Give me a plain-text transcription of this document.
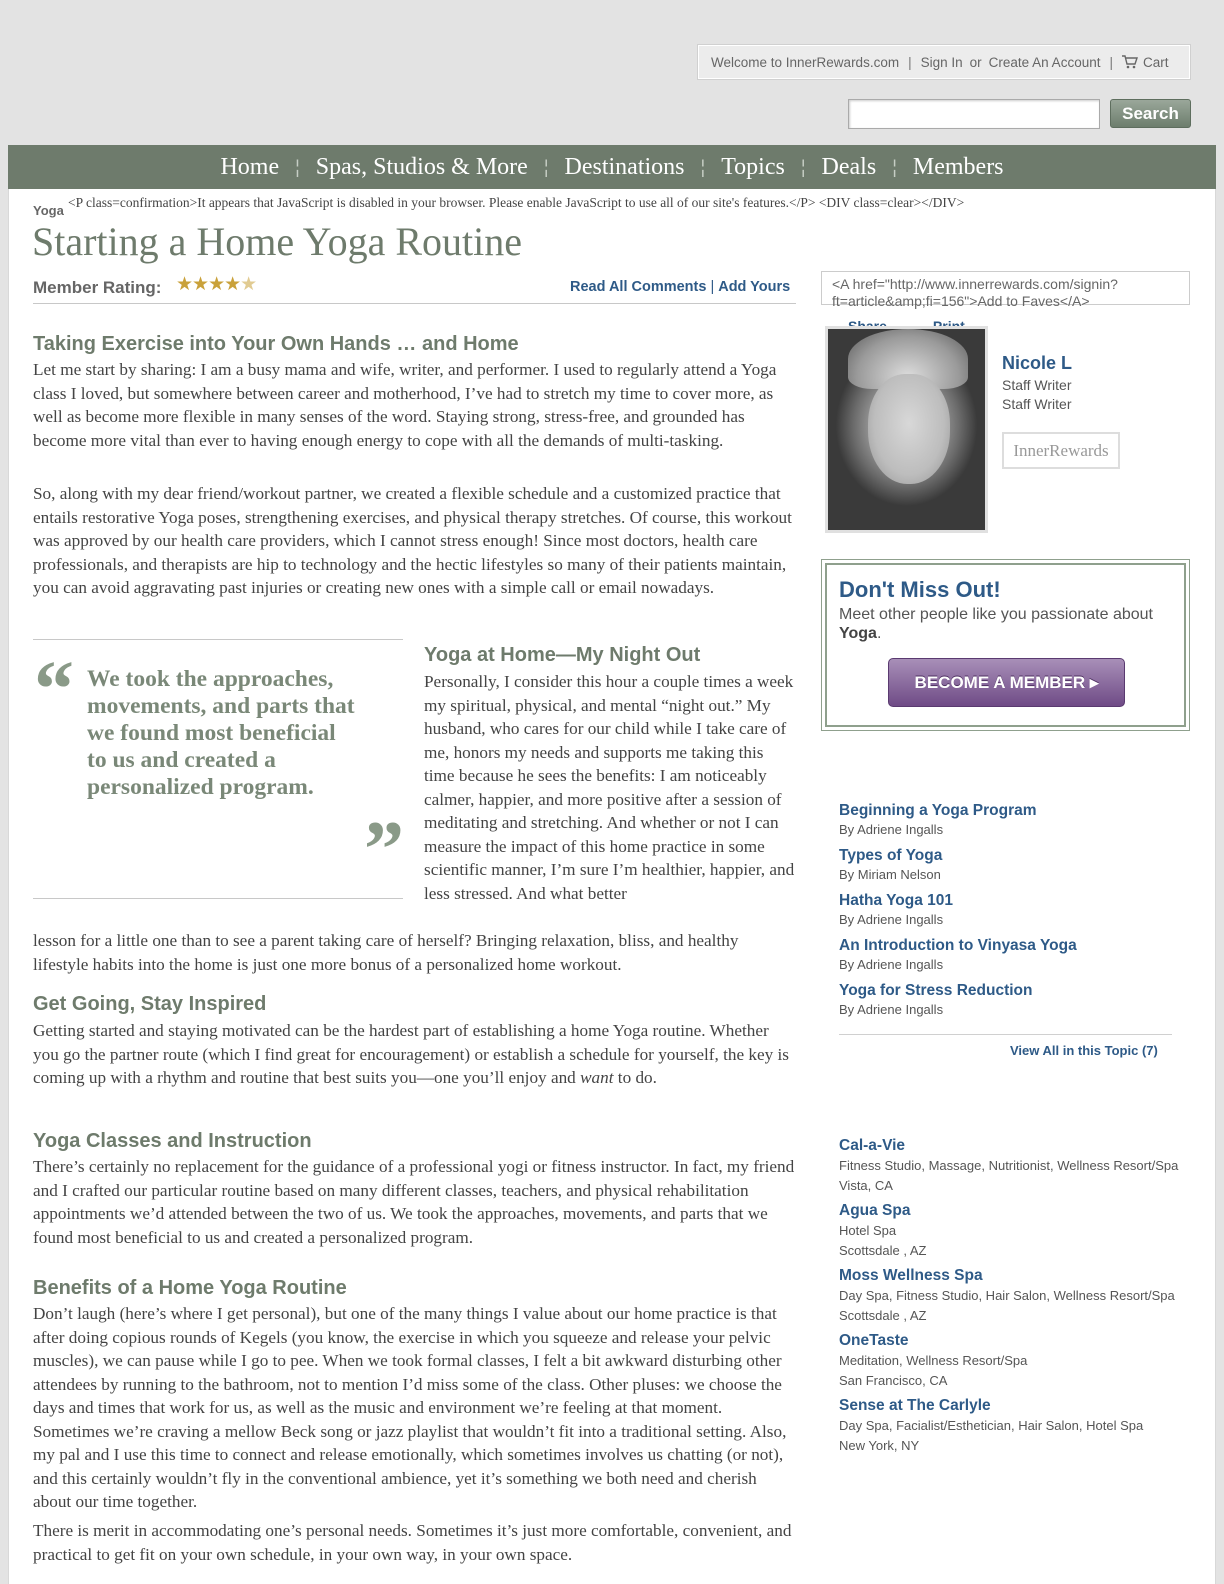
Welcome to InnerRewards.com | Sign In or Create An Account |	Cart
Search
Home ¦ Spas, Studios & More ¦ Destinations ¦ Topics ¦ Deals ¦ Members
Yoga
<P class=confirmation>It appears that JavaScript is disabled in your browser. Please enable JavaScript to use all of our site's features.</P> <DIV class=clear></DIV>
Starting a Home Yoga Routine
Member Rating: ★★★★★	Read All Comments | Add Yours
Taking Exercise into Your Own Hands … and Home

Let me start by sharing: I am a busy mama and wife, writer, and performer. I used to regularly attend a Yoga class I loved, but somewhere between career and motherhood, I’ve had to stretch my time to cover more, as well as become more flexible in many senses of the word. Staying strong, stress-free, and grounded has become more vital than ever to having enough energy to cope with all the demands of multi-tasking.

So, along with my dear friend/workout partner, we created a flexible schedule and a customized practice that entails restorative Yoga poses, strengthening exercises, and physical therapy stretches. Of course, this workout was approved by our health care providers, which I cannot stress enough! Since most doctors, health care professionals, and therapists are hip to technology and the hectic lifestyles so many of their patients maintain, you can avoid aggravating past injuries or creating new ones with a simple call or email nowadays.

“ We took the approaches, movements, and parts that we found most beneficial to us and created a personalized program.

”
Yoga at Home—My Night Out

Personally, I consider this hour a couple times a week my spiritual, physical, and mental “night out.” My husband, who cares for our child while I take care of me, honors my needs and supports me taking this time because he sees the benefits: I am noticeably calmer, happier, and more positive after a session of meditating and stretching. And whether or not I can measure the impact of this home practice in some scientific manner, I’m sure I’m healthier, happier, and less stressed. And what better

lesson for a little one than to see a parent taking care of herself? Bringing relaxation, bliss, and healthy lifestyle habits into the home is just one more bonus of a personalized home workout.

Get Going, Stay Inspired

Getting started and staying motivated can be the hardest part of establishing a home Yoga routine. Whether you go the partner route (which I find great for encouragement) or establish a schedule for yourself, the key is coming up with a rhythm and routine that best suits you—one you’ll enjoy and want to do.

Yoga Classes and Instruction

There’s certainly no replacement for the guidance of a professional yogi or fitness instructor. In fact, my friend and I crafted our particular routine based on many different classes, teachers, and physical rehabilitation appointments we’d attended between the two of us. We took the approaches, movements, and parts that we found most beneficial to us and created a personalized program.

Benefits of a Home Yoga Routine

Don’t laugh (here’s where I get personal), but one of the many things I value about our home practice is that after doing copious rounds of Kegels (you know, the exercise in which you squeeze and release your pelvic muscles), we can pause while I go to pee. When we took formal classes, I felt a bit awkward disturbing other attendees by running to the bathroom, not to mention I’d miss some of the class. Other pluses: we choose the days and times that work for us, as well as the music and environment we’re feeling at that moment. Sometimes we’re craving a mellow Beck song or jazz playlist that wouldn’t fit into a traditional setting. Also, my pal and I use this time to connect and release emotionally, which sometimes involves us chatting (or not), and this certainly wouldn’t fly in the conventional ambience, yet it’s something we both need and cherish about our time together.

There is merit in accommodating one’s personal needs. Sometimes it’s just more comfortable, convenient, and practical to get fit on your own schedule, in your own way, in your own space.

<A href="http://www.innerrewards.com/signin?ft=article&amp;fi=156">Add to Faves</A>
Nicole L
Staff Writer
Staff Writer
InnerRewards
Don't Miss Out!
Meet other people like you passionate about Yoga.
BECOME A MEMBER ▸
Beginning a Yoga Program
By Adriene Ingalls
Types of Yoga
By Miriam Nelson
Hatha Yoga 101
By Adriene Ingalls
An Introduction to Vinyasa Yoga
By Adriene Ingalls
Yoga for Stress Reduction
By Adriene Ingalls
View All in this Topic (7)
Cal-a-Vie
Fitness Studio, Massage, Nutritionist, Wellness Resort/Spa
Vista, CA
Agua Spa
Hotel Spa
Scottsdale , AZ
Moss Wellness Spa
Day Spa, Fitness Studio, Hair Salon, Wellness Resort/Spa
Scottsdale , AZ
OneTaste
Meditation, Wellness Resort/Spa
San Francisco, CA
Sense at The Carlyle
Day Spa, Facialist/Esthetician, Hair Salon, Hotel Spa
New York, NY
